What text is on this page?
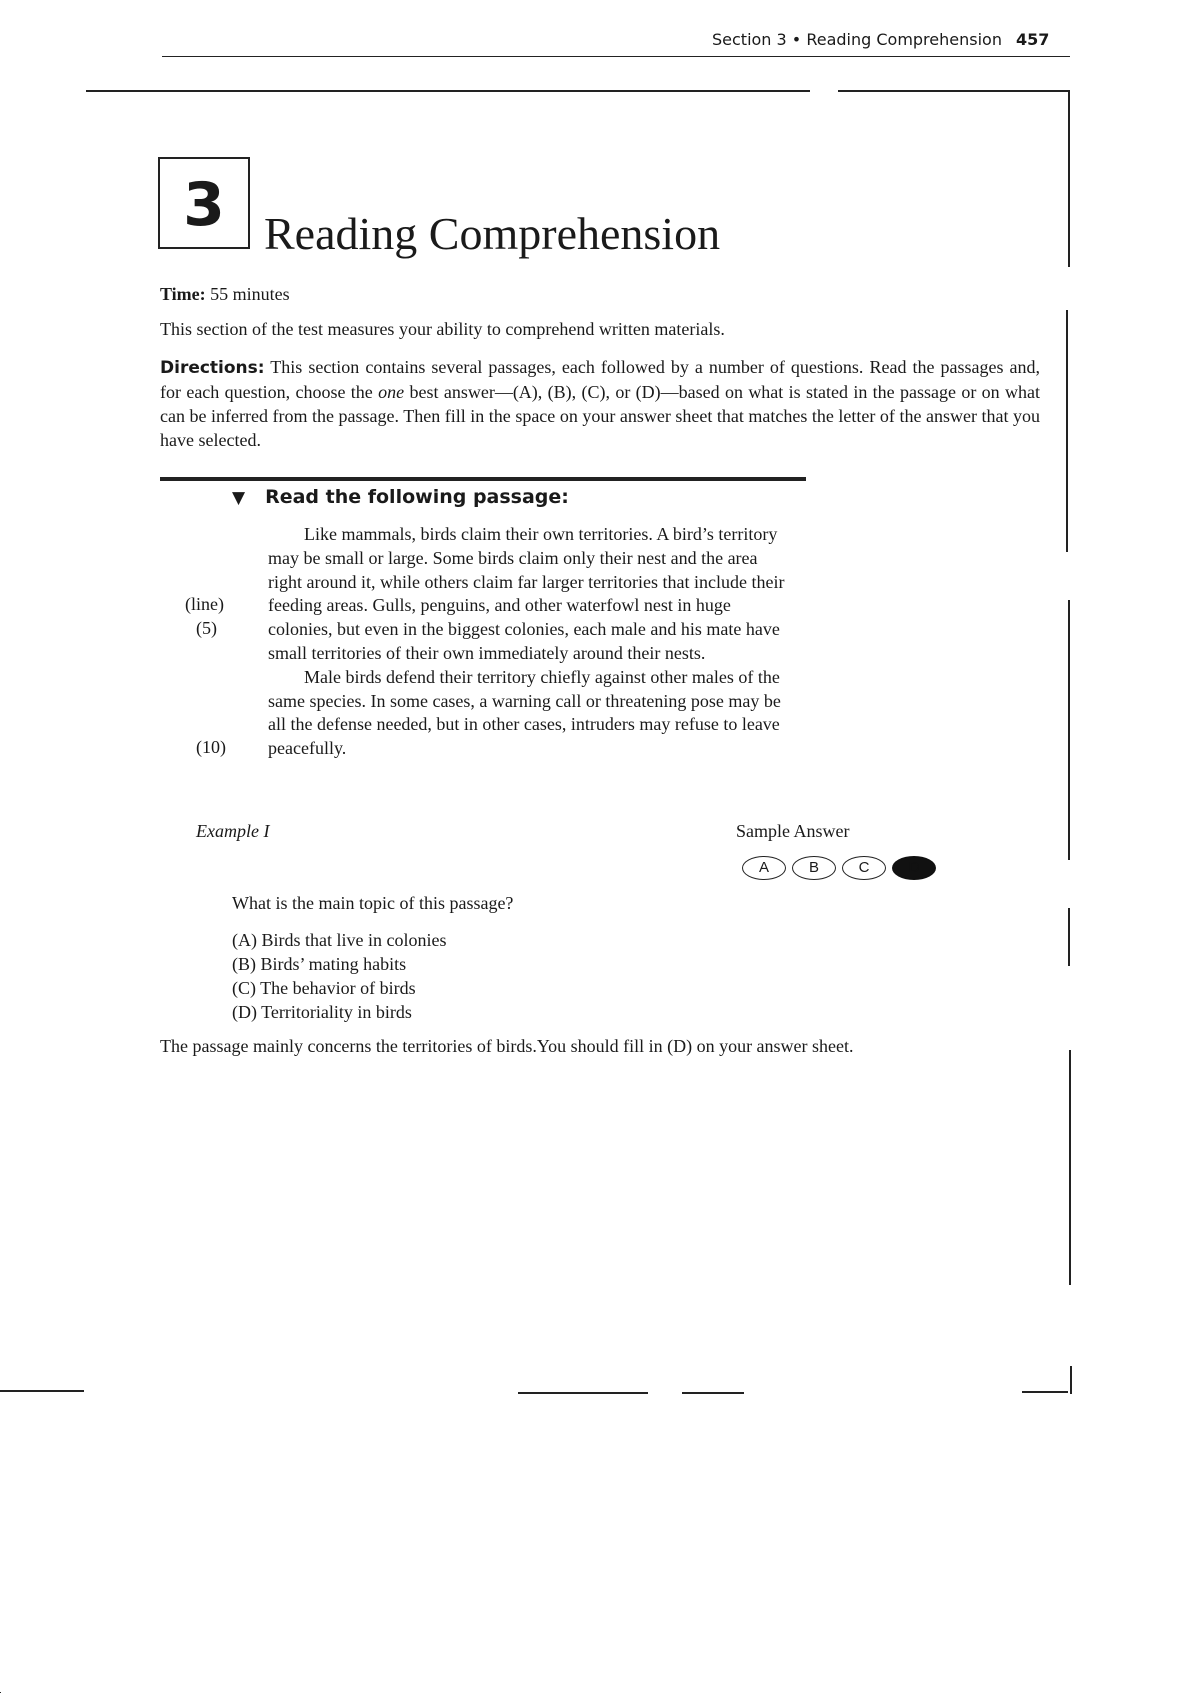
Section 3 • Reading Comprehension 457
3 Reading Comprehension
Time: 55 minutes
This section of the test measures your ability to comprehend written materials.
Directions: This section contains several passages, each followed by a number of questions. Read the passages and, for each question, choose the one best answer—(A), (B), (C), or (D)—based on what is stated in the passage or on what can be inferred from the passage. Then fill in the space on your answer sheet that matches the letter of the answer that you have selected.
▼ Read the following passage:
(line)
(5)
(10)

Like mammals, birds claim their own territories. A bird’s territory may be small or large. Some birds claim only their nest and the area right around it, while others claim far larger territories that include their feeding areas. Gulls, penguins, and other waterfowl nest in huge colonies, but even in the biggest colonies, each male and his mate have small territories of their own immediately around their nests.

Male birds defend their territory chiefly against other males of the same species. In some cases, a warning call or threatening pose may be all the defense needed, but in other cases, intruders may refuse to leave peacefully.

Example I	Sample Answer
A	B	C	D
What is the main topic of this passage?
(A) Birds that live in colonies
(B) Birds’ mating habits
(C) The behavior of birds
(D) Territoriality in birds
The passage mainly concerns the territories of birds.You should fill in (D) on your answer sheet.
